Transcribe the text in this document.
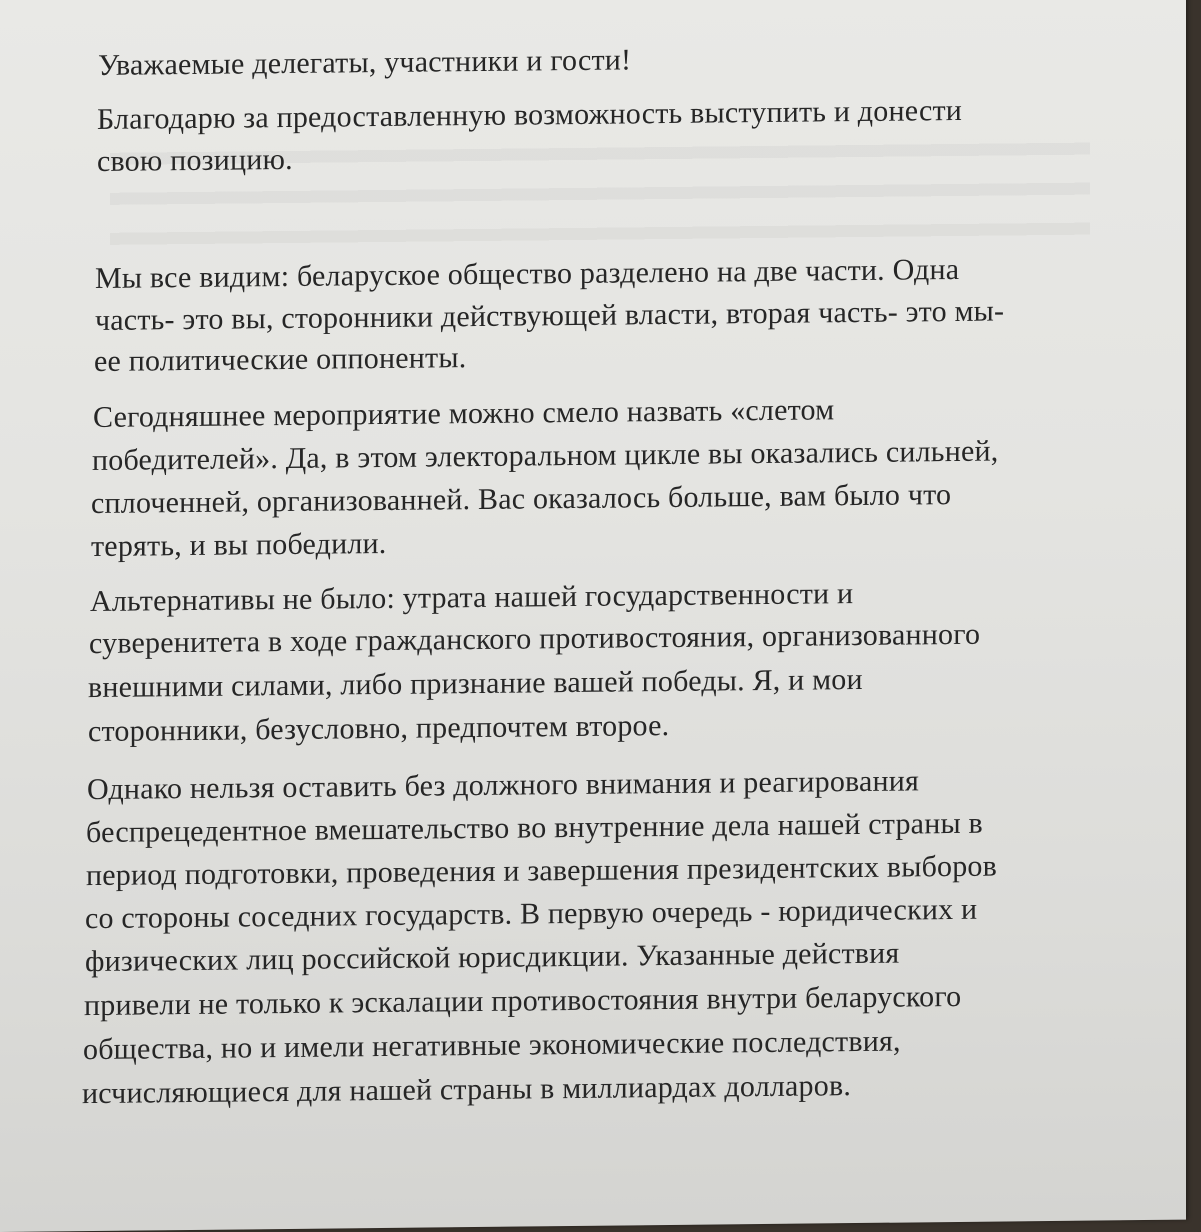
Уважаемые делегаты, участники и гости!
Благодарю за предоставленную возможность выступить и донести
свою позицию.
Мы все видим: беларуское общество разделено на две части. Одна
часть- это вы, сторонники действующей власти, вторая часть- это мы-
ее политические оппоненты.
Сегодняшнее мероприятие можно смело назвать «слетом
победителей». Да, в этом электоральном цикле вы оказались сильней,
сплоченней, организованней. Вас оказалось больше, вам было что
терять, и вы победили.
Альтернативы не было: утрата нашей государственности и
суверенитета в ходе гражданского противостояния, организованного
внешними силами, либо признание вашей победы. Я, и мои
сторонники, безусловно, предпочтем второе.
Однако нельзя оставить без должного внимания и реагирования
беспрецедентное вмешательство во внутренние дела нашей страны в
период подготовки, проведения и завершения президентских выборов
со стороны соседних государств. В первую очередь - юридических и
физических лиц российской юрисдикции. Указанные действия
привели не только к эскалации противостояния внутри беларуского
общества, но и имели негативные экономические последствия,
исчисляющиеся для нашей страны в миллиардах долларов.
